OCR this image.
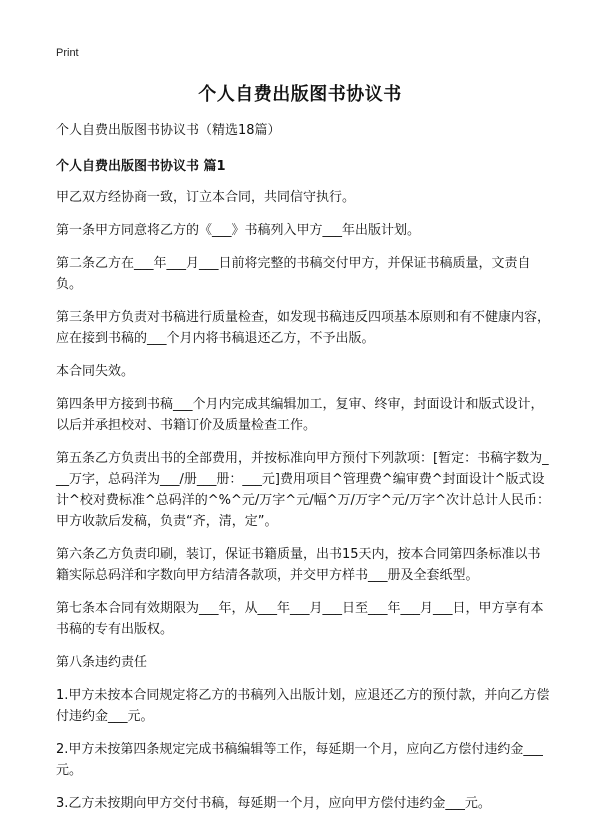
Print
个人自费出版图书协议书

个人自费出版图书协议书（精选18篇）

个人自费出版图书协议书 篇1

甲乙双方经协商一致，订立本合同，共同信守执行。

第一条甲方同意将乙方的《___》书稿列入甲方___年出版计划。

第二条乙方在___年___月___日前将完整的书稿交付甲方，并保证书稿质量，文责自负。

第三条甲方负责对书稿进行质量检查，如发现书稿违反四项基本原则和有不健康内容，应在接到书稿的___个月内将书稿退还乙方，不予出版。

本合同失效。

第四条甲方接到书稿___个月内完成其编辑加工，复审、终审，封面设计和版式设计，以后并承担校对、书籍订价及质量检查工作。

第五条乙方负责出书的全部费用，并按标准向甲方预付下列款项：[暂定：书稿字数为___万字，总码洋为___/册___册：___元]费用项目^管理费^编审费^封面设计^版式设计^校对费标准^总码洋的^%^元/万字^元/幅^万/万字^元/万字^次计总计人民币：甲方收款后发稿，负责“齐，清，定”。

第六条乙方负责印刷，装订，保证书籍质量，出书15天内，按本合同第四条标准以书籍实际总码洋和字数向甲方结清各款项，并交甲方样书___册及全套纸型。

第七条本合同有效期限为___年，从___年___月___日至___年___月___日，甲方享有本书稿的专有出版权。

第八条违约责任

1.甲方未按本合同规定将乙方的书稿列入出版计划，应退还乙方的预付款，并向乙方偿付违约金___元。

2.甲方未按第四条规定完成书稿编辑等工作，每延期一个月，应向乙方偿付违约金___元。

3.乙方未按期向甲方交付书稿，每延期一个月，应向甲方偿付违约金___元。
